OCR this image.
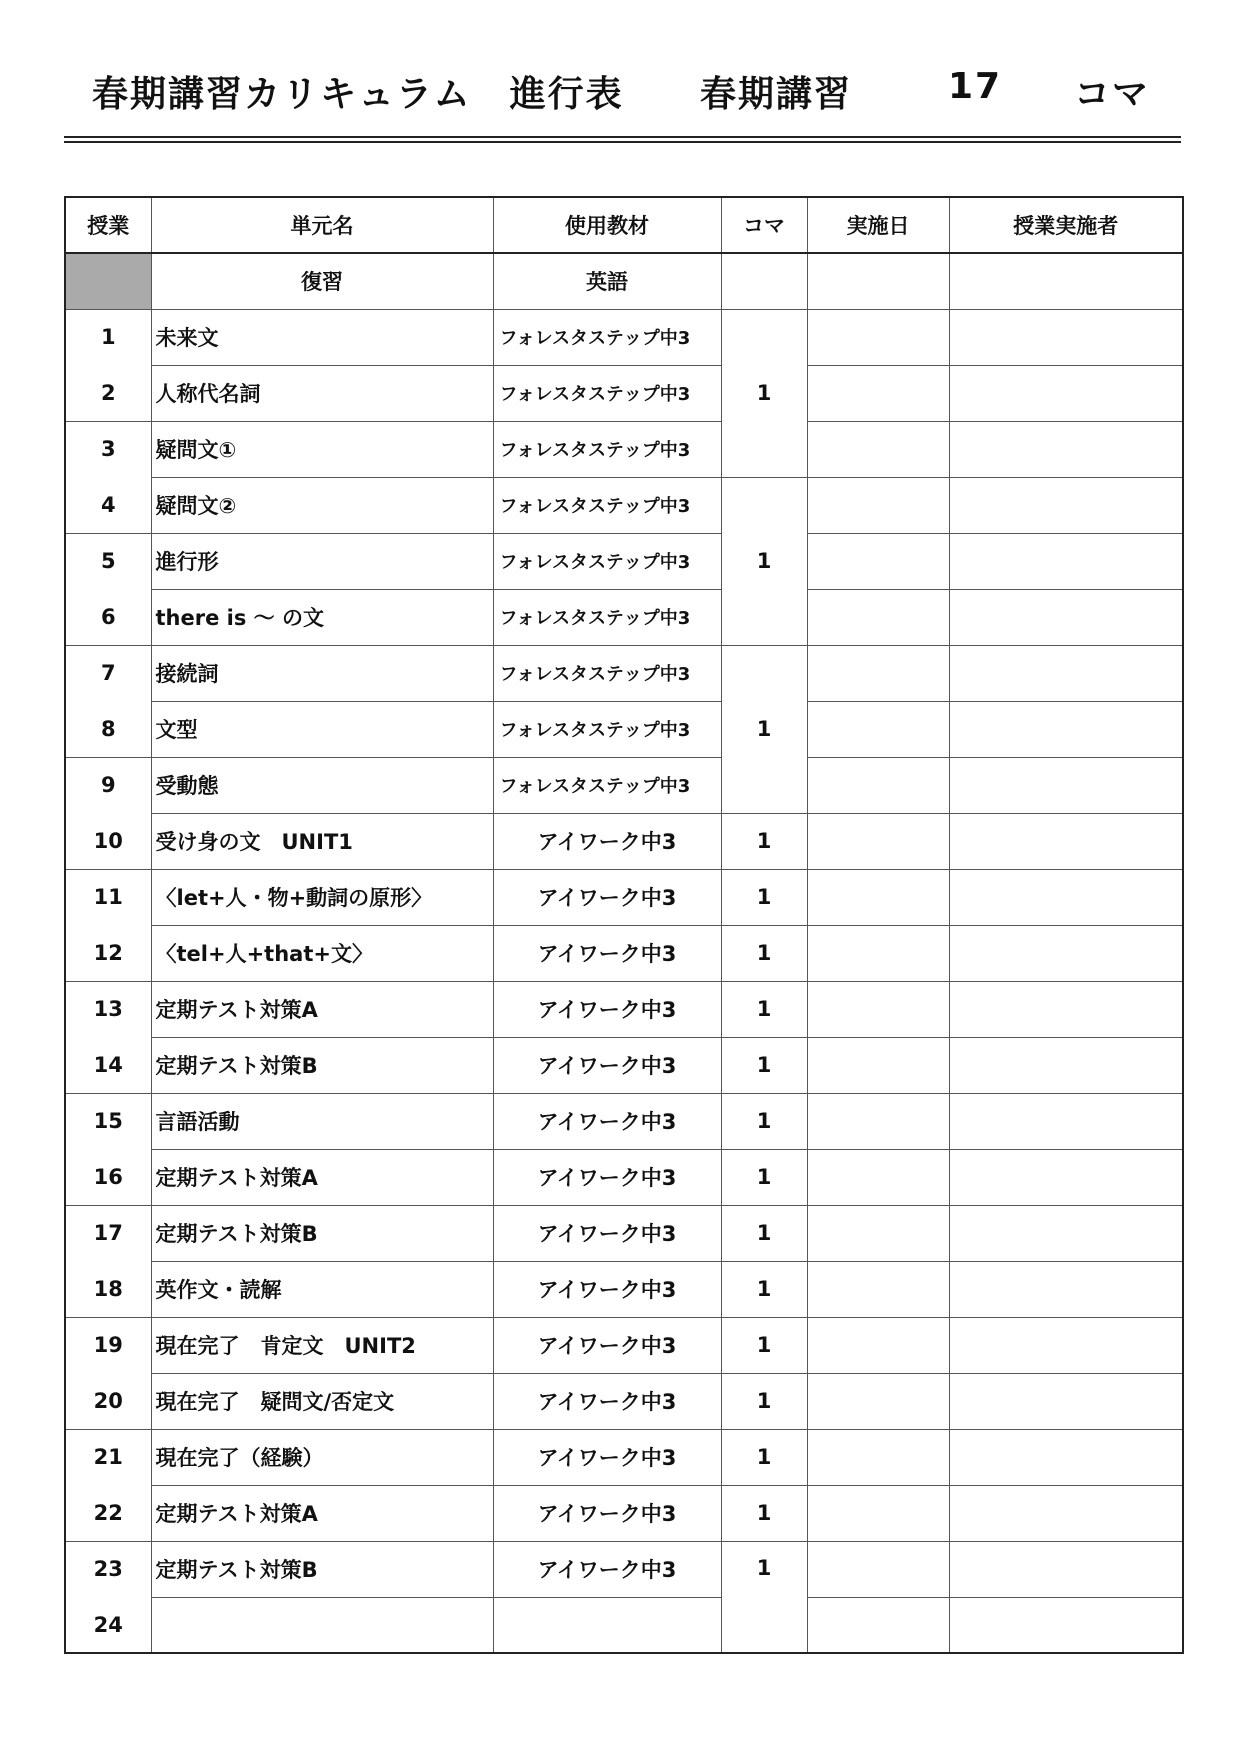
春期講習カリキュラム　進行表 春期講習	17 コマ
授業	単元名	使用教材	コマ	実施日	授業実施者
	復習	英語			
1	未来文	フォレスタステップ中3	1		
2	人称代名詞	フォレスタステップ中3			
3	疑問文①	フォレスタステップ中3			
4	疑問文②	フォレスタステップ中3	1		
5	進行形	フォレスタステップ中3			
6	there is 〜 の文	フォレスタステップ中3			
7	接続詞	フォレスタステップ中3	1		
8	文型	フォレスタステップ中3			
9	受動態	フォレスタステップ中3			
10	受け身の文　UNIT1	アイワーク中3	1		
11	〈let+人・物+動詞の原形〉	アイワーク中3	1		
12	〈tel+人+that+文〉	アイワーク中3	1		
13	定期テスト対策A	アイワーク中3	1		
14	定期テスト対策B	アイワーク中3	1		
15	言語活動	アイワーク中3	1		
16	定期テスト対策A	アイワーク中3	1		
17	定期テスト対策B	アイワーク中3	1		
18	英作文・読解	アイワーク中3	1		
19	現在完了　肯定文　UNIT2	アイワーク中3	1		
20	現在完了　疑問文/否定文	アイワーク中3	1		
21	現在完了（経験）	アイワーク中3	1		
22	定期テスト対策A	アイワーク中3	1		
23	定期テスト対策B	アイワーク中3	1		
24					
